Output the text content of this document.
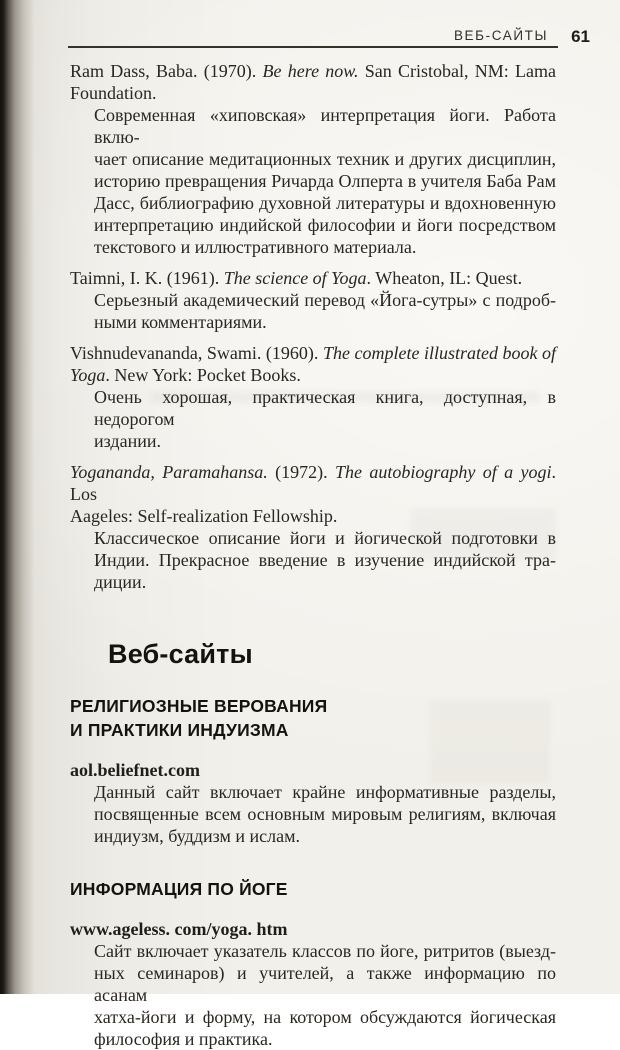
ВЕБ-САЙТЫ	61
Ram Dass, Baba. (1970). Be here now. San Cristobal, NM: Lama
Foundation.
Современная «хиповская» интерпретация йоги. Работа вклю-
чает описание медитационных техник и других дисциплин,
историю превращения Ричарда Олперта в учителя Баба Рам
Дасс, библиографию духовной литературы и вдохновенную
интерпретацию индийской философии и йоги посредством
текстового и иллюстративного материала.
Taimni, I. K. (1961). The science of Yoga. Wheaton, IL: Quest.
Серьезный академический перевод «Йога-сутры» с подроб-
ными комментариями.
Vishnudevananda, Swami. (1960). The complete illustrated book of
Yoga. New York: Pocket Books.
Очень хорошая, практическая книга, доступная, в недорогом
издании.
Yogananda, Paramahansa. (1972). The autobiography of a yogi. Los
Aageles: Self-realization Fellowship.
Классическое описание йоги и йогической подготовки в
Индии. Прекрасное введение в изучение индийской тра-
диции.
Веб-сайты
РЕЛИГИОЗНЫЕ ВЕРОВАНИЯ
И ПРАКТИКИ ИНДУИЗМА
aol.beliefnet.com
Данный сайт включает крайне информативные разделы,
посвященные всем основным мировым религиям, включая
индиузм, буддизм и ислам.
ИНФОРМАЦИЯ ПО ЙОГЕ
www.ageless. com/yoga. htm
Сайт включает указатель классов по йоге, ритритов (выезд-
ных семинаров) и учителей, а также информацию по асанам
хатха-йоги и форму, на котором обсуждаются йогическая
философия и практика.
